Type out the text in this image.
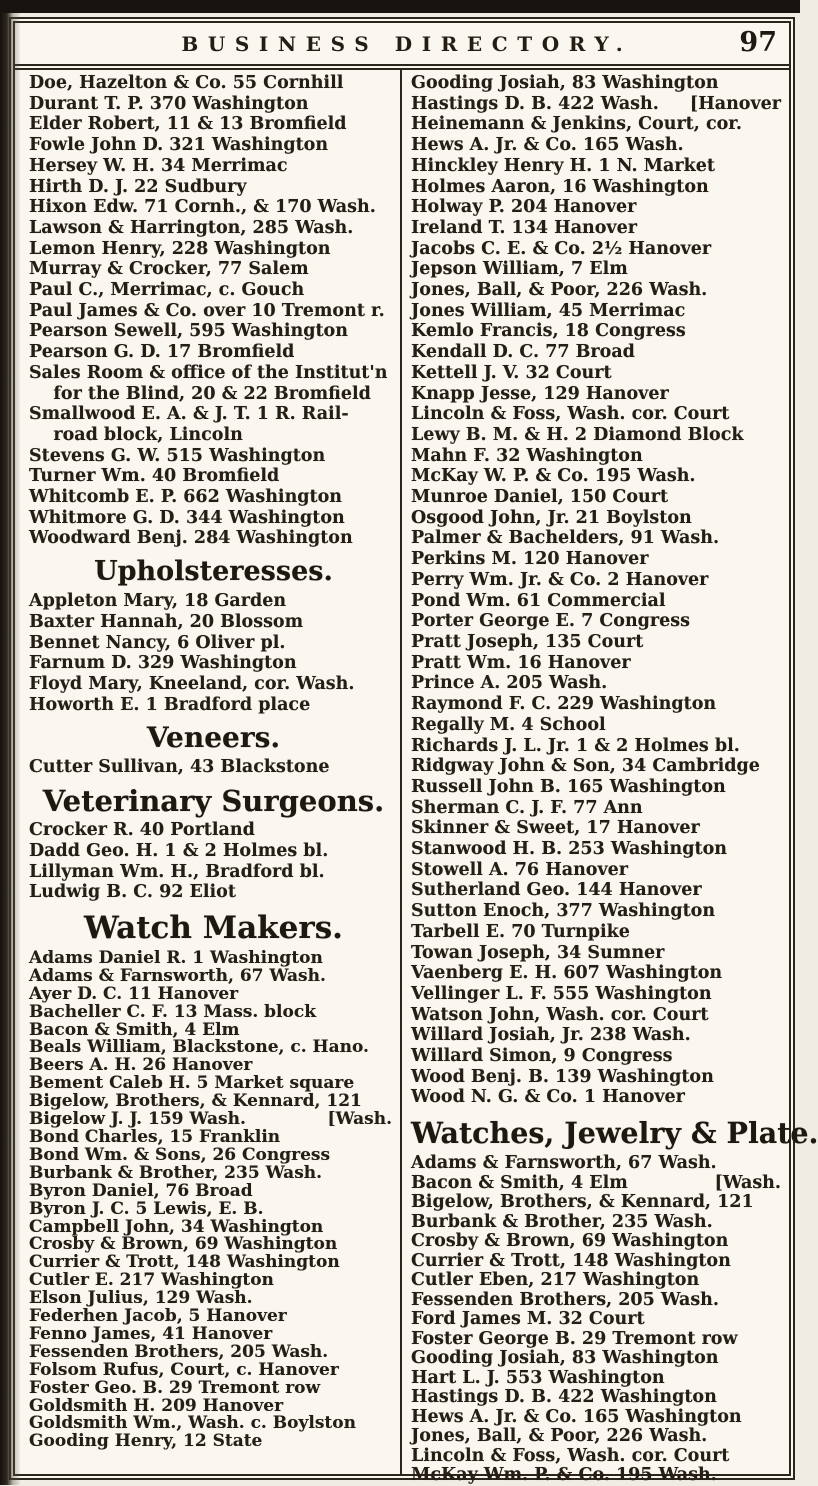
BUSINESS DIRECTORY.	97
Doe, Hazelton & Co. 55 Cornhill
Durant T. P. 370 Washington
Elder Robert, 11 & 13 Bromfield
Fowle John D. 321 Washington
Hersey W. H. 34 Merrimac
Hirth D. J. 22 Sudbury
Hixon Edw. 71 Cornh., & 170 Wash.
Lawson & Harrington, 285 Wash.
Lemon Henry, 228 Washington
Murray & Crocker, 77 Salem
Paul C., Merrimac, c. Gouch
Paul James & Co. over 10 Tremont r.
Pearson Sewell, 595 Washington
Pearson G. D. 17 Bromfield
Sales Room & office of the Institut'n
for the Blind, 20 & 22 Bromfield
Smallwood E. A. & J. T. 1 R. Rail-
road block, Lincoln
Stevens G. W. 515 Washington
Turner Wm. 40 Bromfield
Whitcomb E. P. 662 Washington
Whitmore G. D. 344 Washington
Woodward Benj. 284 Washington
Upholsteresses.
Appleton Mary, 18 Garden
Baxter Hannah, 20 Blossom
Bennet Nancy, 6 Oliver pl.
Farnum D. 329 Washington
Floyd Mary, Kneeland, cor. Wash.
Howorth E. 1 Bradford place
Veneers.
Cutter Sullivan, 43 Blackstone
Veterinary Surgeons.
Crocker R. 40 Portland
Dadd Geo. H. 1 & 2 Holmes bl.
Lillyman Wm. H., Bradford bl.
Ludwig B. C. 92 Eliot
Watch Makers.
Adams Daniel R. 1 Washington
Adams & Farnsworth, 67 Wash.
Ayer D. C. 11 Hanover
Bacheller C. F. 13 Mass. block
Bacon & Smith, 4 Elm
Beals William, Blackstone, c. Hano.
Beers A. H. 26 Hanover
Bement Caleb H. 5 Market square
Bigelow, Brothers, & Kennard, 121
[Wash.
Bigelow J. J. 159 Wash.
Bond Charles, 15 Franklin
Bond Wm. & Sons, 26 Congress
Burbank & Brother, 235 Wash.
Byron Daniel, 76 Broad
Byron J. C. 5 Lewis, E. B.
Campbell John, 34 Washington
Crosby & Brown, 69 Washington
Currier & Trott, 148 Washington
Cutler E. 217 Washington
Elson Julius, 129 Wash.
Federhen Jacob, 5 Hanover
Fenno James, 41 Hanover
Fessenden Brothers, 205 Wash.
Folsom Rufus, Court, c. Hanover
Foster Geo. B. 29 Tremont row
Goldsmith H. 209 Hanover
Goldsmith Wm., Wash. c. Boylston
Gooding Henry, 12 State
Gooding Josiah, 83 Washington
[Hanover
Hastings D. B. 422 Wash.
Heinemann & Jenkins, Court, cor.
Hews A. Jr. & Co. 165 Wash.
Hinckley Henry H. 1 N. Market
Holmes Aaron, 16 Washington
Holway P. 204 Hanover
Ireland T. 134 Hanover
Jacobs C. E. & Co. 2½ Hanover
Jepson William, 7 Elm
Jones, Ball, & Poor, 226 Wash.
Jones William, 45 Merrimac
Kemlo Francis, 18 Congress
Kendall D. C. 77 Broad
Kettell J. V. 32 Court
Knapp Jesse, 129 Hanover
Lincoln & Foss, Wash. cor. Court
Lewy B. M. & H. 2 Diamond Block
Mahn F. 32 Washington
McKay W. P. & Co. 195 Wash.
Munroe Daniel, 150 Court
Osgood John, Jr. 21 Boylston
Palmer & Bachelders, 91 Wash.
Perkins M. 120 Hanover
Perry Wm. Jr. & Co. 2 Hanover
Pond Wm. 61 Commercial
Porter George E. 7 Congress
Pratt Joseph, 135 Court
Pratt Wm. 16 Hanover
Prince A. 205 Wash.
Raymond F. C. 229 Washington
Regally M. 4 School
Richards J. L. Jr. 1 & 2 Holmes bl.
Ridgway John & Son, 34 Cambridge
Russell John B. 165 Washington
Sherman C. J. F. 77 Ann
Skinner & Sweet, 17 Hanover
Stanwood H. B. 253 Washington
Stowell A. 76 Hanover
Sutherland Geo. 144 Hanover
Sutton Enoch, 377 Washington
Tarbell E. 70 Turnpike
Towan Joseph, 34 Sumner
Vaenberg E. H. 607 Washington
Vellinger L. F. 555 Washington
Watson John, Wash. cor. Court
Willard Josiah, Jr. 238 Wash.
Willard Simon, 9 Congress
Wood Benj. B. 139 Washington
Wood N. G. & Co. 1 Hanover
Watches, Jewelry & Plate.
Adams & Farnsworth, 67 Wash.
[Wash.
Bacon & Smith, 4 Elm
Bigelow, Brothers, & Kennard, 121
Burbank & Brother, 235 Wash.
Crosby & Brown, 69 Washington
Currier & Trott, 148 Washington
Cutler Eben, 217 Washington
Fessenden Brothers, 205 Wash.
Ford James M. 32 Court
Foster George B. 29 Tremont row
Gooding Josiah, 83 Washington
Hart L. J. 553 Washington
Hastings D. B. 422 Washington
Hews A. Jr. & Co. 165 Washington
Jones, Ball, & Poor, 226 Wash.
Lincoln & Foss, Wash. cor. Court
McKay Wm. P. & Co. 195 Wash.
